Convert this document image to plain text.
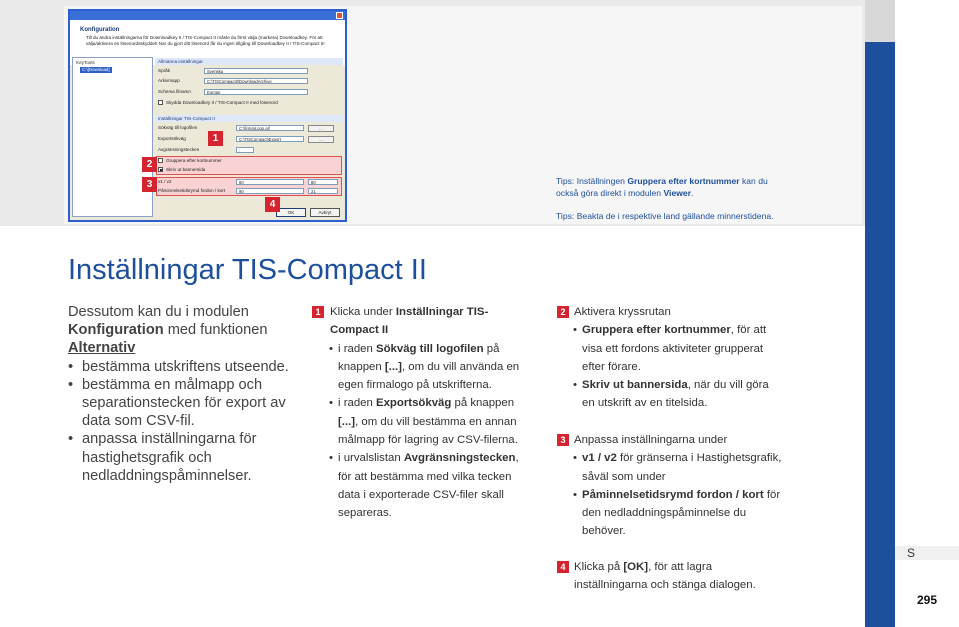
Tips: Inställningen Gruppera efter kortnummer kan du också göra direkt i modulen Viewer.
Tips: Beakta de i respektive land gällande minnerstidena.
Konfiguration
Till du ändra inställningarna för Downloadkey II / TIS-Compact II måste du först välja (markera) Downloadkey. För att välja/aktivera en lösenordsskyddet! Nar du gjort ditt lösenord får du ingen tillgång till Downloadkey II / TIS-Compact II!
KeyTools
C:\[Download]
Allmänna inställningar
Språk	Svenska
Arkivmapp	C:\TISCompactII\DownloadArchive
Schema filnamn	Europe
Skydda Downloadkey II / TIS-Compact II med lösenord
Inställningar TIS-Compact II
Sökväg till logofilen	C:\firma\Logo.gif	...
Exportsökväg	C:\TISCompact\Export	...
Avgränsningstecken	;
Gruppera efter kortnummer
Skriv ut bannersida
v1 / v2	60	80
Påminnelsetidsrymd fordon / kort	90	21
OK	Avbryt
1
2
3
4
Inställningar TIS-Compact II
Dessutom kan du i modulen Konfiguration med funktionen Alternativ
• bestämma utskriftens utseende.
• bestämma en målmapp och separationstecken för export av data som CSV-fil.
• anpassa inställningarna för hastighetsgrafik och nedladdningspåminnelser.
1 Klicka under Inställningar TIS-Compact II
• i raden Sökväg till logofilen på knappen [...], om du vill använda en egen firmalogo på utskrifterna.
• i raden Exportsökväg på knappen [...], om du vill bestämma en annan målmapp för lagring av CSV-filerna.
• i urvalslistan Avgränsningstecken, för att bestämma med vilka tecken data i exporterade CSV-filer skall separeras.
2 Aktivera kryssrutan
• Gruppera efter kortnummer, för att visa ett fordons aktiviteter grupperat efter förare.
• Skriv ut bannersida, när du vill göra en utskrift av en titelsida.
3 Anpassa inställningarna under
• v1 / v2 för gränserna i Hastighetsgrafik, såväl som under
• Påminnelsetidsrymd fordon / kort för den nedladdningspåminnelse du behöver.
4 Klicka på [OK], för att lagra inställningarna och stänga dialogen.
S
295
